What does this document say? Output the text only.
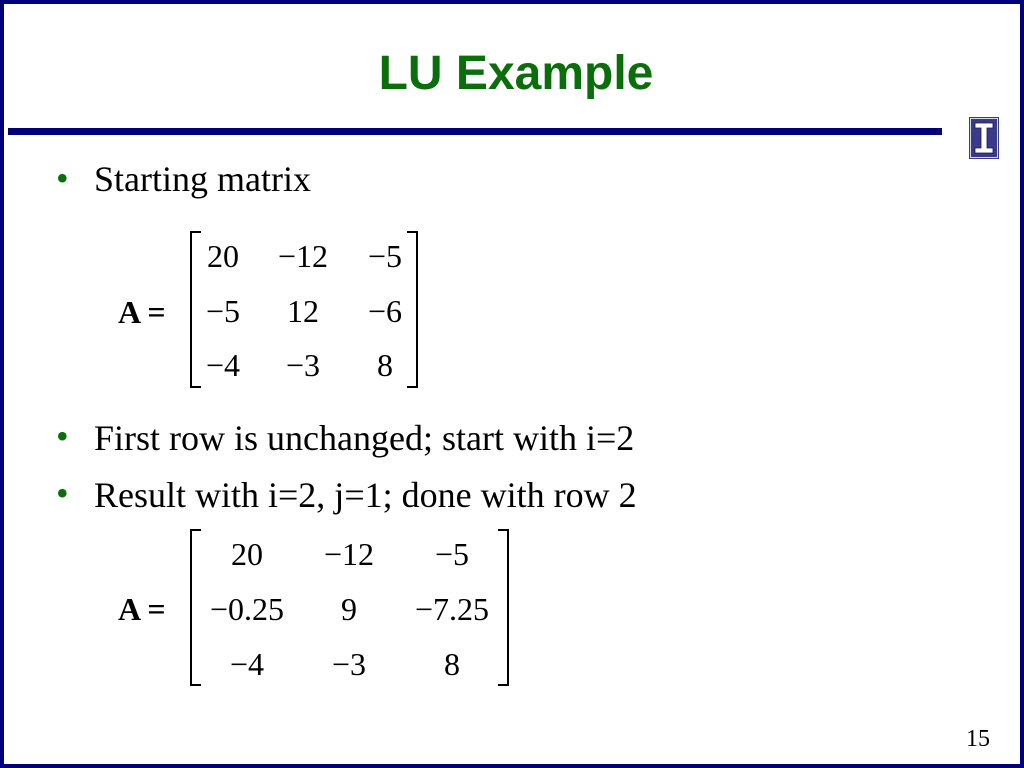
LU Example
• Starting matrix
A =
20 −12 −5
−5 12 −6
−4 −3 8
• First row is unchanged; start with i=2
• Result with i=2, j=1; done with row 2
A =
20 −12 −5
−0.25 9 −7.25
−4 −3 8
15
